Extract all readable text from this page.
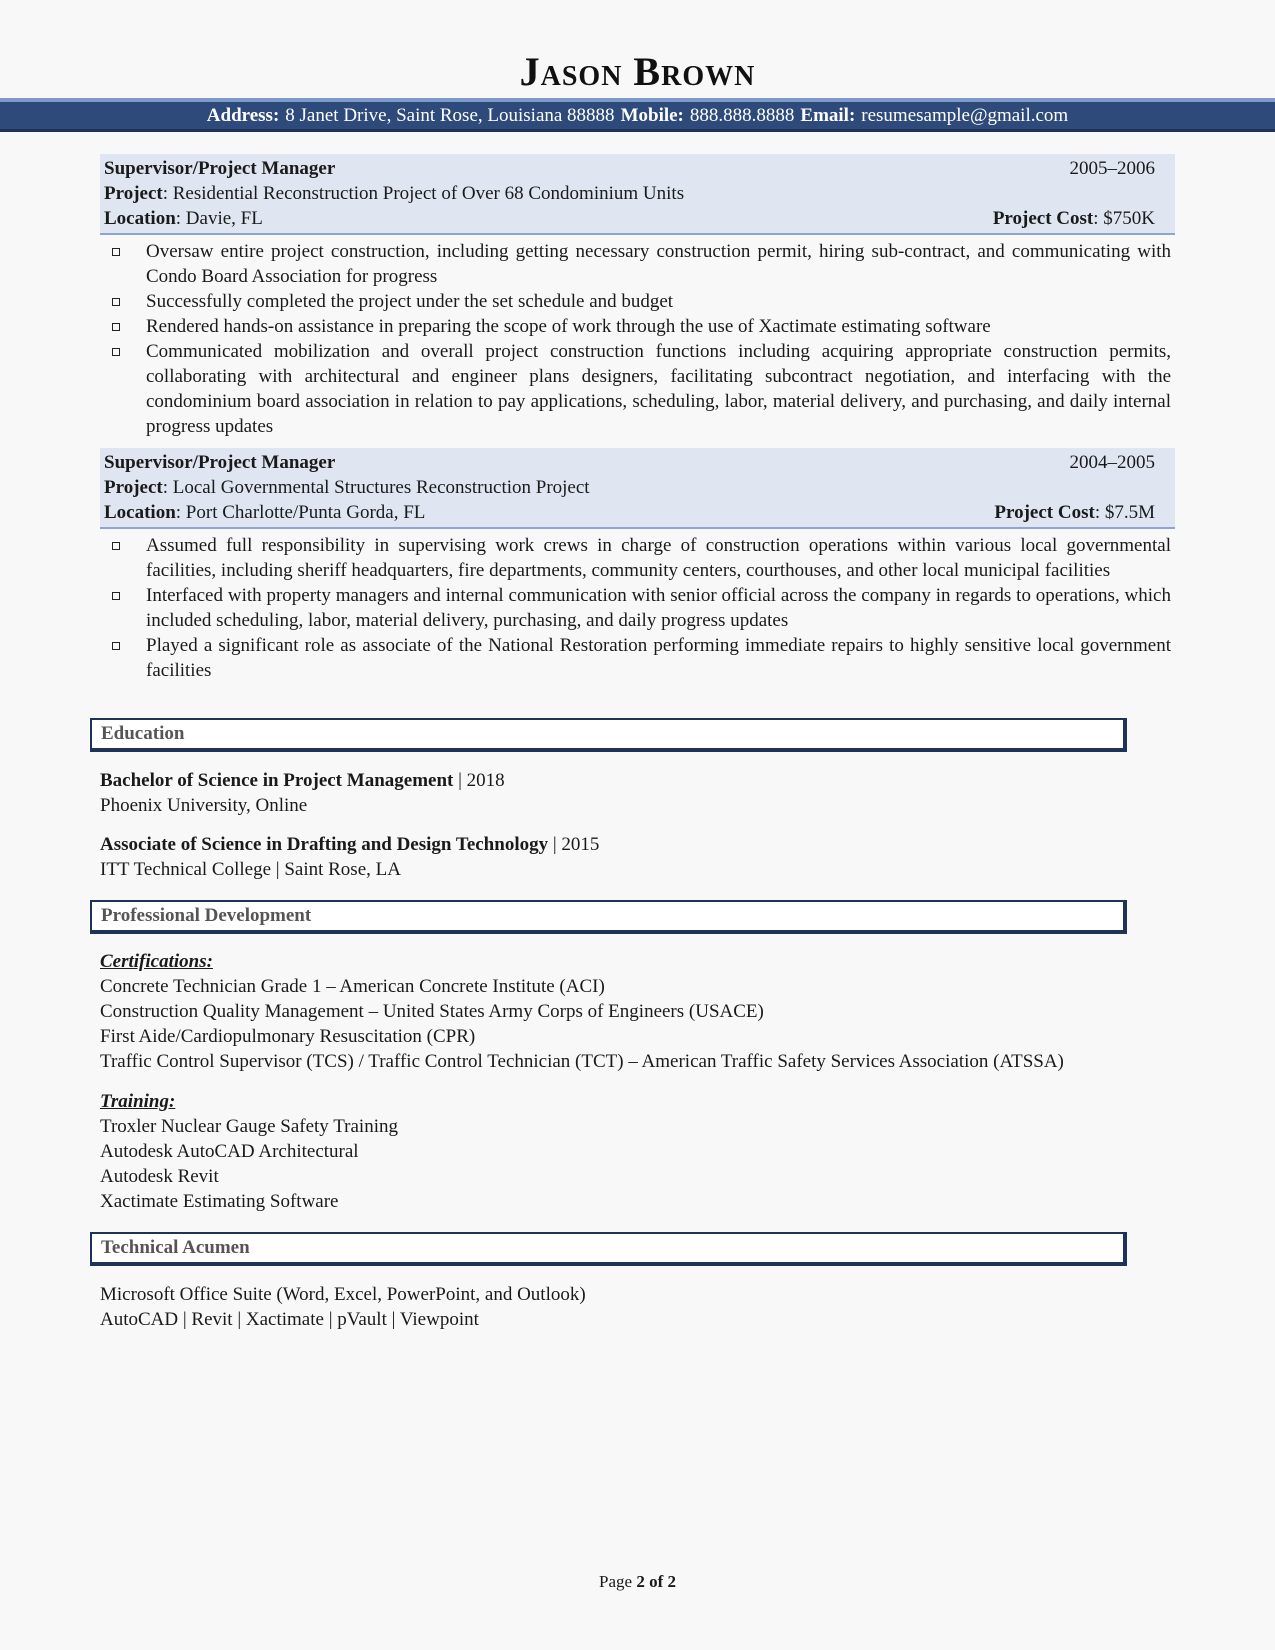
Jason Brown
Address: 8 Janet Drive, Saint Rose, Louisiana 88888 Mobile: 888.888.8888 Email: resumesample@gmail.com
Supervisor/Project Manager	2005–2006
Project: Residential Reconstruction Project of Over 68 Condominium Units
Location: Davie, FL	Project Cost: $750K
Oversaw entire project construction, including getting necessary construction permit, hiring sub-contract, and communicating with Condo Board Association for progress
Successfully completed the project under the set schedule and budget
Rendered hands-on assistance in preparing the scope of work through the use of Xactimate estimating software
Communicated mobilization and overall project construction functions including acquiring appropriate construction permits, collaborating with architectural and engineer plans designers, facilitating subcontract negotiation, and interfacing with the condominium board association in relation to pay applications, scheduling, labor, material delivery, and purchasing, and daily internal progress updates
Supervisor/Project Manager	2004–2005
Project: Local Governmental Structures Reconstruction Project
Location: Port Charlotte/Punta Gorda, FL	Project Cost: $7.5M
Assumed full responsibility in supervising work crews in charge of construction operations within various local governmental facilities, including sheriff headquarters, fire departments, community centers, courthouses, and other local municipal facilities
Interfaced with property managers and internal communication with senior official across the company in regards to operations, which included scheduling, labor, material delivery, purchasing, and daily progress updates
Played a significant role as associate of the National Restoration performing immediate repairs to highly sensitive local government facilities
Education
Bachelor of Science in Project Management | 2018
Phoenix University, Online
Associate of Science in Drafting and Design Technology | 2015
ITT Technical College | Saint Rose, LA
Professional Development
Certifications:
Concrete Technician Grade 1 – American Concrete Institute (ACI)
Construction Quality Management – United States Army Corps of Engineers (USACE)
First Aide/Cardiopulmonary Resuscitation (CPR)
Traffic Control Supervisor (TCS) / Traffic Control Technician (TCT) – American Traffic Safety Services Association (ATSSA)
Training:
Troxler Nuclear Gauge Safety Training
Autodesk AutoCAD Architectural
Autodesk Revit
Xactimate Estimating Software
Technical Acumen
Microsoft Office Suite (Word, Excel, PowerPoint, and Outlook)
AutoCAD | Revit | Xactimate | pVault | Viewpoint
Page 2 of 2
